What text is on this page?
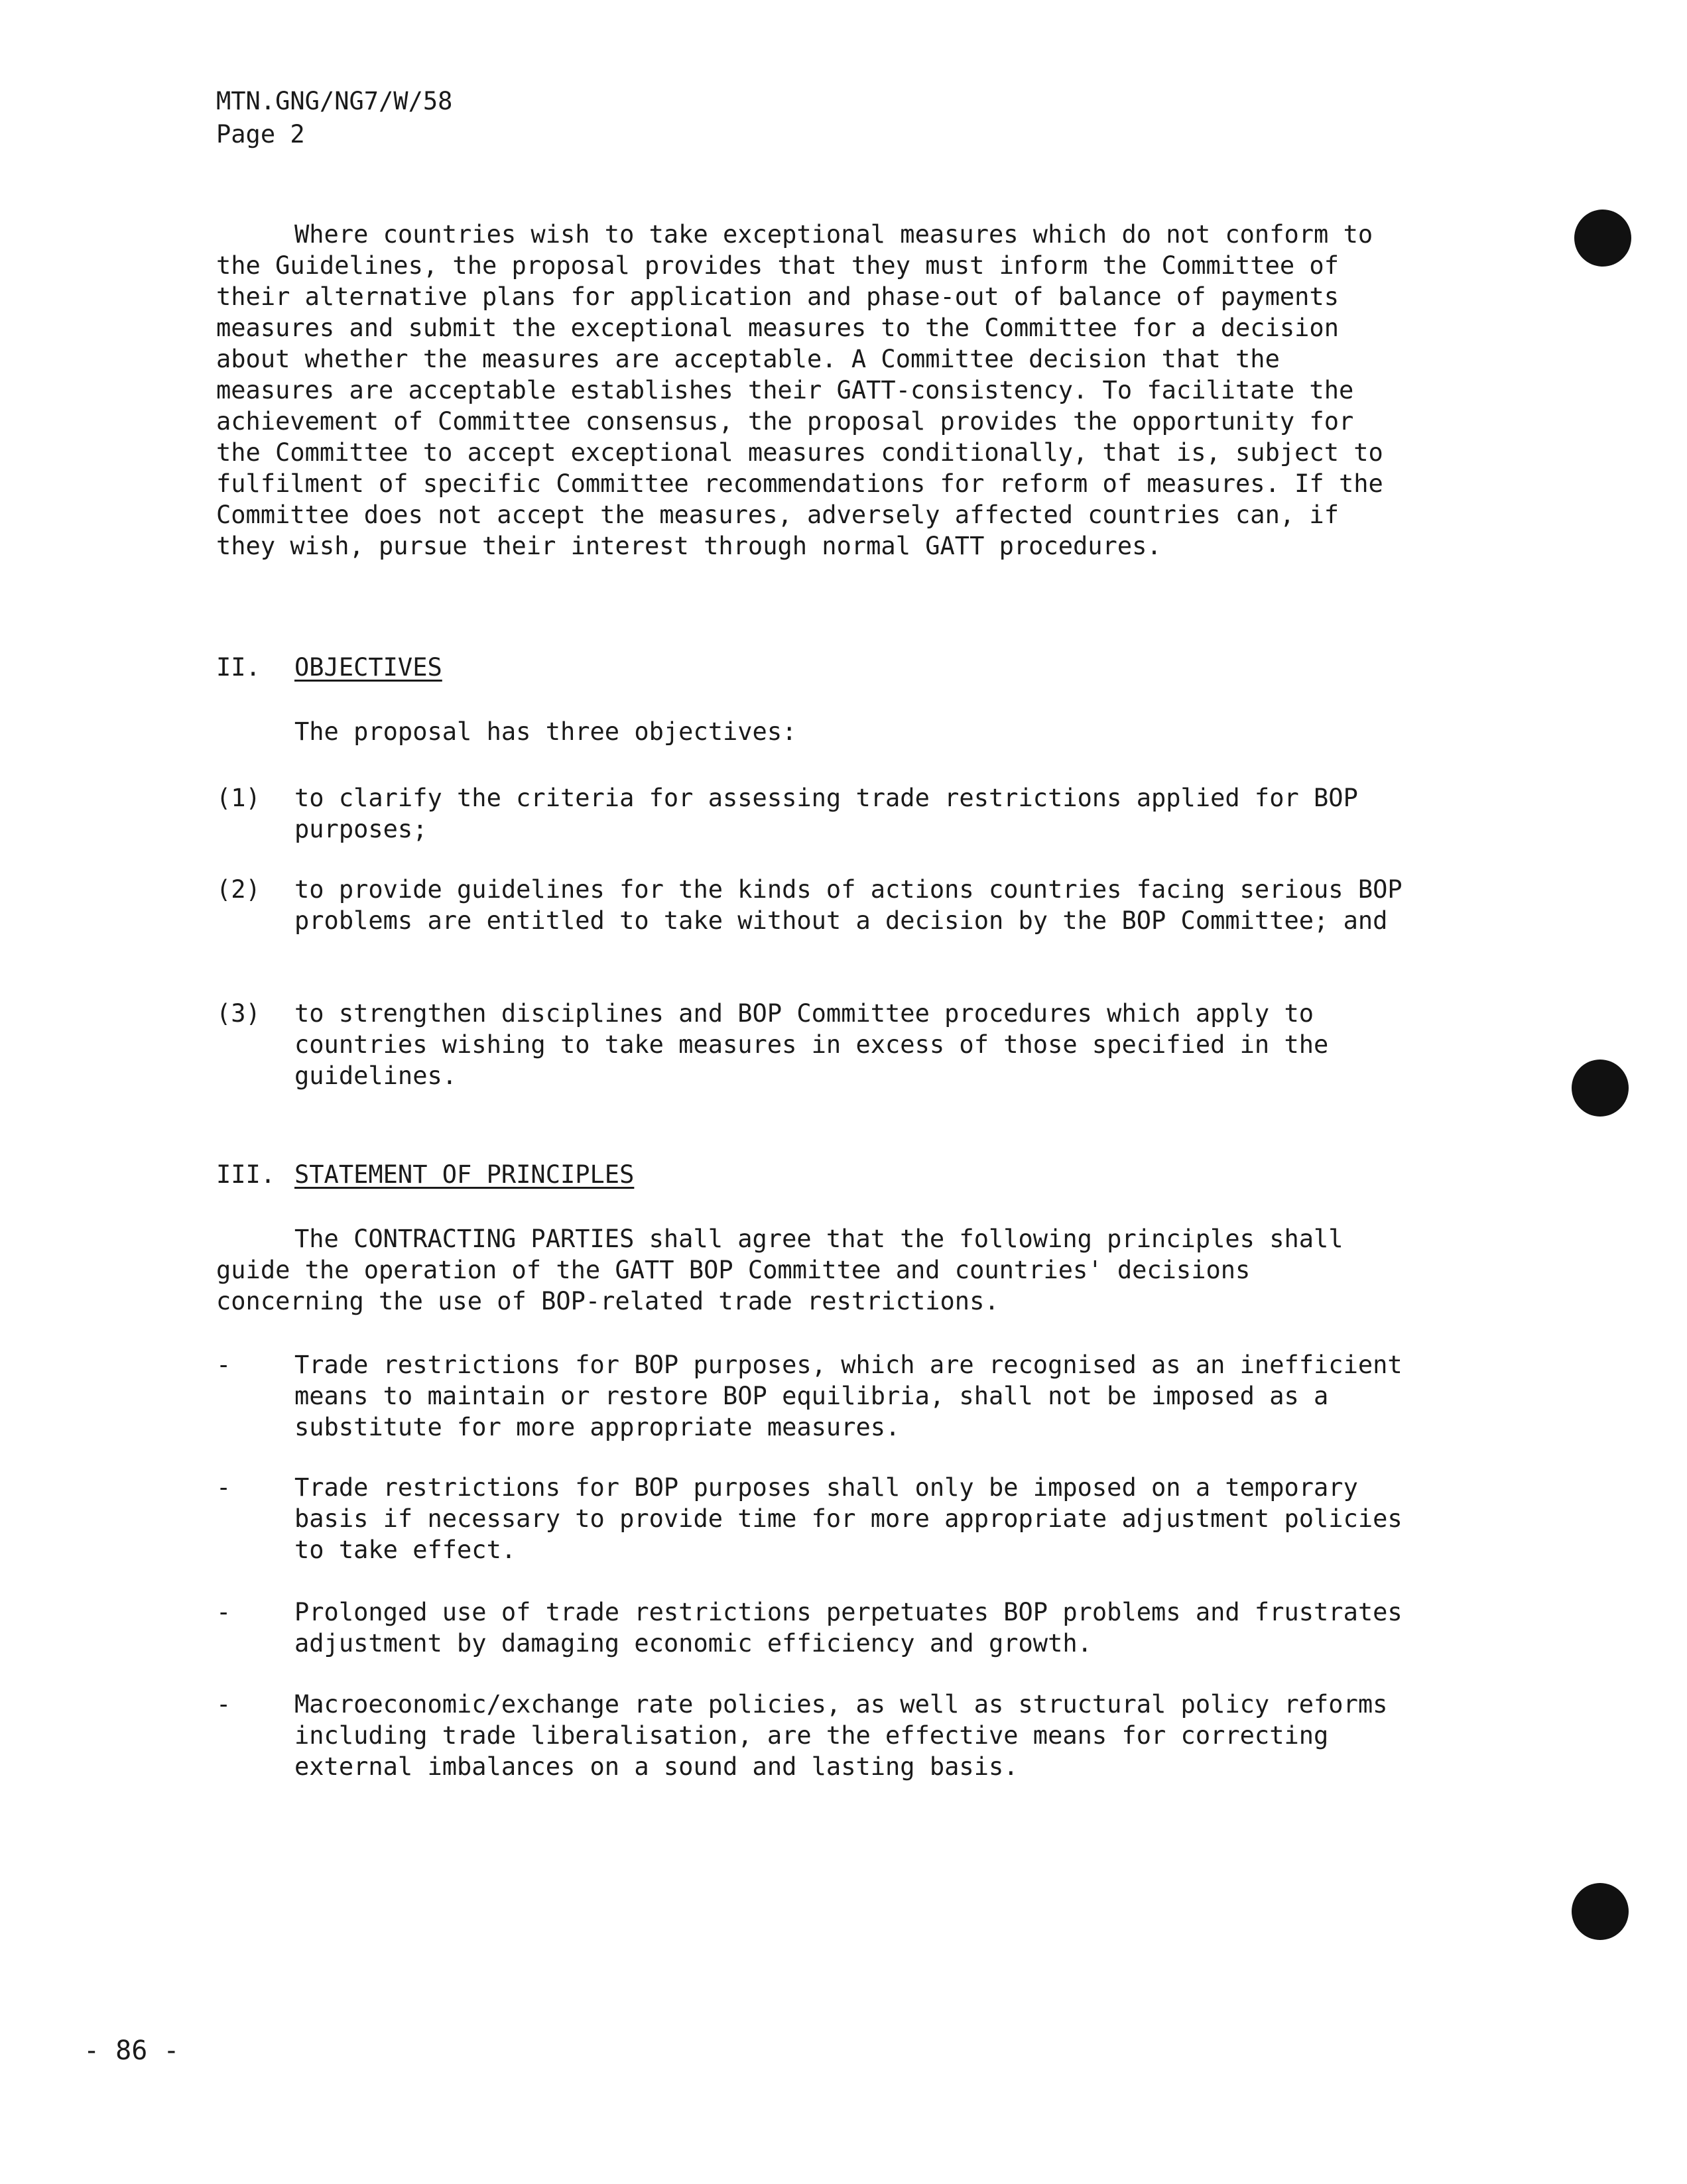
MTN.GNG/NG7/W/58
Page 2

Where countries wish to take exceptional measures which do not conform to the Guidelines, the proposal provides that they must inform the Committee of their alternative plans for application and phase-out of balance of payments measures and submit the exceptional measures to the Committee for a decision about whether the measures are acceptable. A Committee decision that the measures are acceptable establishes their GATT-consistency. To facilitate the achievement of Committee consensus, the proposal provides the opportunity for the Committee to accept exceptional measures conditionally, that is, subject to fulfilment of specific Committee recommendations for reform of measures. If the Committee does not accept the measures, adversely affected countries can, if they wish, pursue their interest through normal GATT procedures.

II.	OBJECTIVES

The proposal has three objectives:

(1)	to clarify the criteria for assessing trade restrictions applied for BOP purposes;
(2)	to provide guidelines for the kinds of actions countries facing serious BOP problems are entitled to take without a decision by the BOP Committee; and
(3)	to strengthen disciplines and BOP Committee procedures which apply to countries wishing to take measures in excess of those specified in the guidelines.
III. STATEMENT OF PRINCIPLES

The CONTRACTING PARTIES shall agree that the following principles shall guide the operation of the GATT BOP Committee and countries' decisions concerning the use of BOP-related trade restrictions.

-	Trade restrictions for BOP purposes, which are recognised as an inefficient means to maintain or restore BOP equilibria, shall not be imposed as a substitute for more appropriate measures.
-	Trade restrictions for BOP purposes shall only be imposed on a temporary basis if necessary to provide time for more appropriate adjustment policies to take effect.
-	Prolonged use of trade restrictions perpetuates BOP problems and frustrates adjustment by damaging economic efficiency and growth.
-	Macroeconomic/exchange rate policies, as well as structural policy reforms including trade liberalisation, are the effective means for correcting external imbalances on a sound and lasting basis.
- 86 -
